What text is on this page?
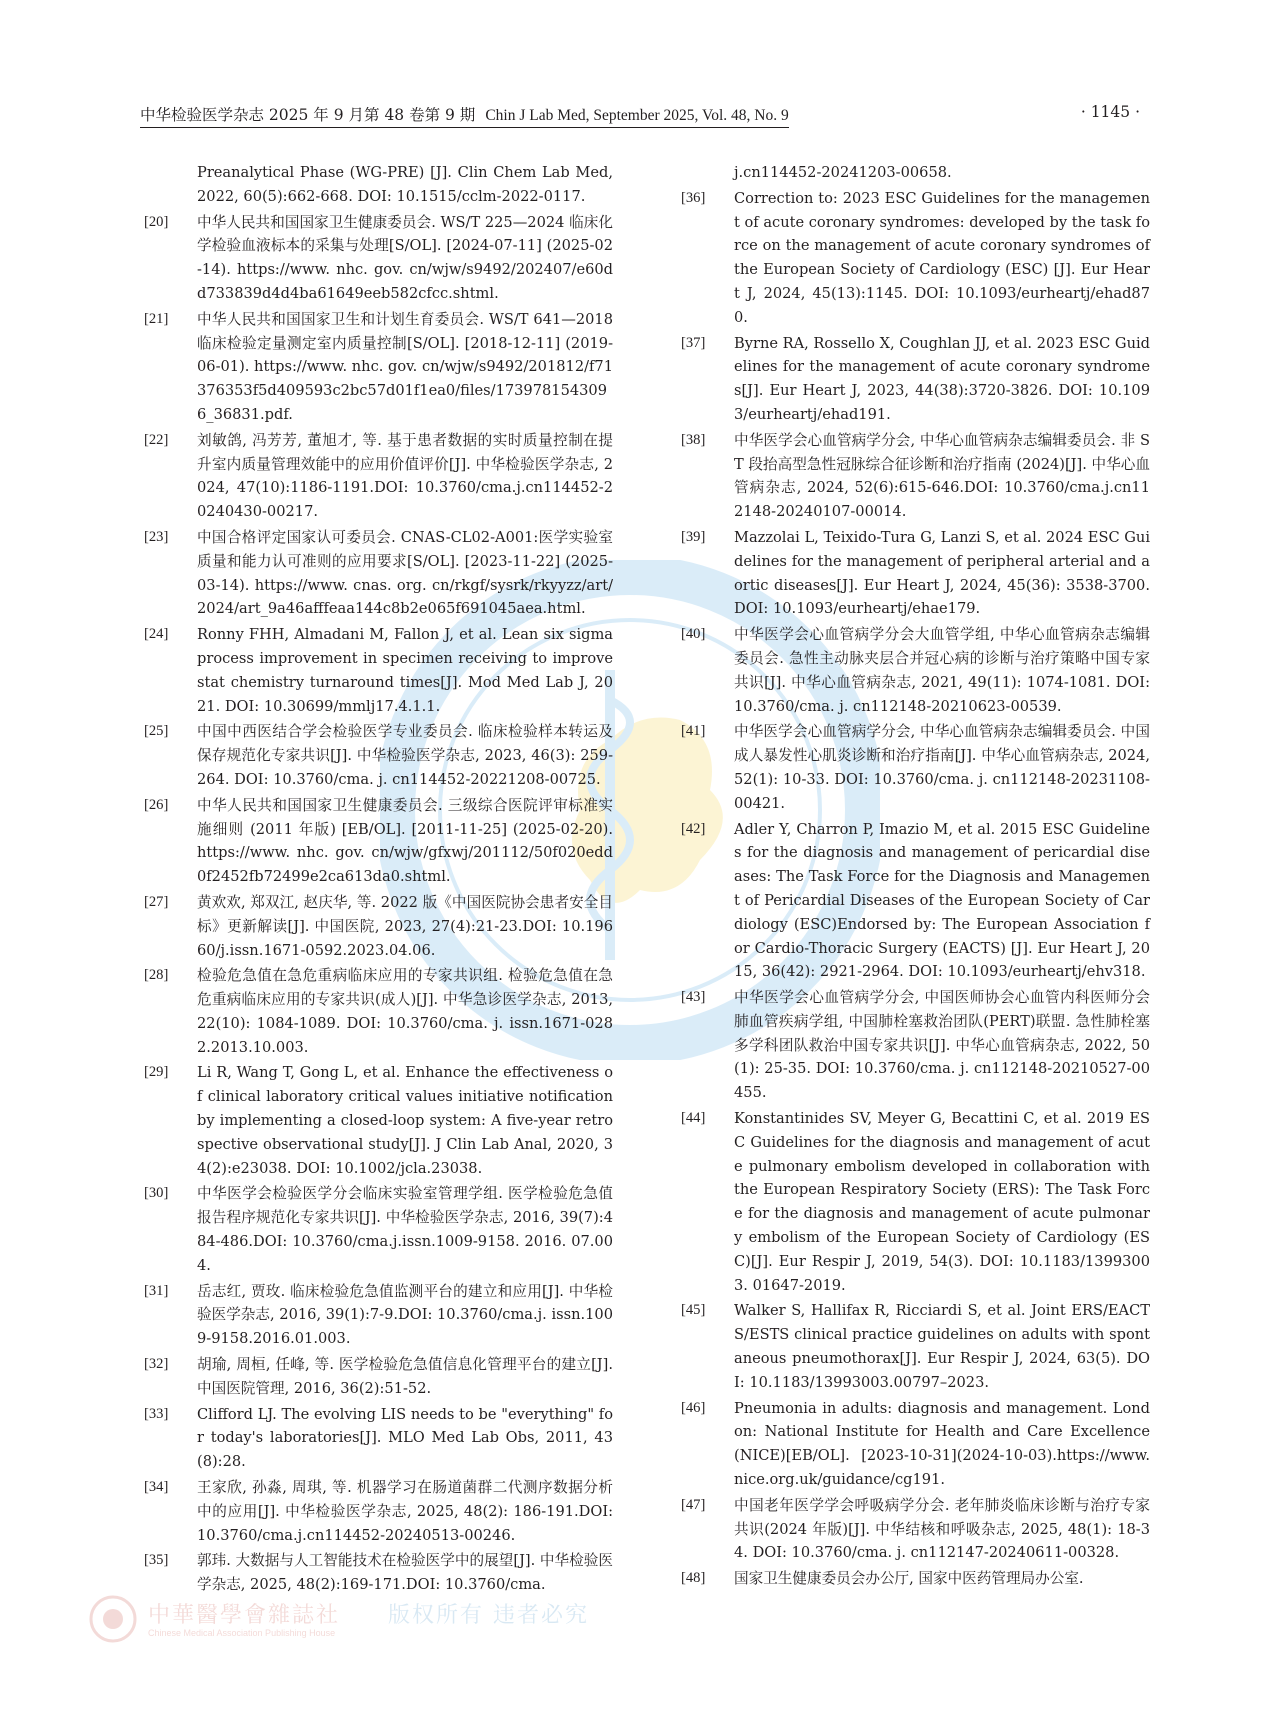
中华检验医学杂志 2025 年 9 月第 48 卷第 9 期 Chin J Lab Med, September 2025, Vol. 48, No. 9	· 1145 ·
Preanalytical Phase (WG-PRE) [J]. Clin Chem Lab Med, 2022, 60(5):662-668. DOI: 10.1515/cclm-2022-0117.
[20] 中华人民共和国国家卫生健康委员会. WS/T 225—2024 临床化学检验血液标本的采集与处理[S/OL]. [2024-07-11] (2025-02-14). https://www. nhc. gov. cn/wjw/s9492/202407/e60dd733839d4d4ba61649eeb582cfcc.shtml.
[21] 中华人民共和国国家卫生和计划生育委员会. WS/T 641—2018 临床检验定量测定室内质量控制[S/OL]. [2018-12-11] (2019-06-01). https://www. nhc. gov. cn/wjw/s9492/201812/f71376353f5d409593c2bc57d01f1ea0/files/1739781543096_36831.pdf.
[22] 刘敏鸽, 冯芳芳, 董旭才, 等. 基于患者数据的实时质量控制在提升室内质量管理效能中的应用价值评价[J]. 中华检验医学杂志, 2024, 47(10):1186-1191.DOI: 10.3760/cma.j.cn114452-20240430-00217.
[23] 中国合格评定国家认可委员会. CNAS-CL02-A001:医学实验室质量和能力认可准则的应用要求[S/OL]. [2023-11-22] (2025-03-14). https://www. cnas. org. cn/rkgf/sysrk/rkyyzz/art/2024/art_9a46afffeaa144c8b2e065f691045aea.html.
[24] Ronny FHH, Almadani M, Fallon J, et al. Lean six sigma process improvement in specimen receiving to improve stat chemistry turnaround times[J]. Mod Med Lab J, 2021. DOI: 10.30699/mmlj17.4.1.1.
[25] 中国中西医结合学会检验医学专业委员会. 临床检验样本转运及保存规范化专家共识[J]. 中华检验医学杂志, 2023, 46(3): 259-264. DOI: 10.3760/cma. j. cn114452-20221208-00725.
[26] 中华人民共和国国家卫生健康委员会. 三级综合医院评审标准实施细则 (2011 年版) [EB/OL]. [2011-11-25] (2025-02-20). https://www. nhc. gov. cn/wjw/gfxwj/201112/50f020edd0f2452fb72499e2ca613da0.shtml.
[27] 黄欢欢, 郑双江, 赵庆华, 等. 2022 版《中国医院协会患者安全目标》更新解读[J]. 中国医院, 2023, 27(4):21-23.DOI: 10.19660/j.issn.1671-0592.2023.04.06.
[28] 检验危急值在急危重病临床应用的专家共识组. 检验危急值在急危重病临床应用的专家共识(成人)[J]. 中华急诊医学杂志, 2013, 22(10): 1084-1089. DOI: 10.3760/cma. j. issn.1671-0282.2013.10.003.
[29] Li R, Wang T, Gong L, et al. Enhance the effectiveness of clinical laboratory critical values initiative notification by implementing a closed-loop system: A five-year retrospective observational study[J]. J Clin Lab Anal, 2020, 34(2):e23038. DOI: 10.1002/jcla.23038.
[30] 中华医学会检验医学分会临床实验室管理学组. 医学检验危急值报告程序规范化专家共识[J]. 中华检验医学杂志, 2016, 39(7):484-486.DOI: 10.3760/cma.j.issn.1009-9158. 2016. 07.004.
[31] 岳志红, 贾玫. 临床检验危急值监测平台的建立和应用[J]. 中华检验医学杂志, 2016, 39(1):7-9.DOI: 10.3760/cma.j. issn.1009-9158.2016.01.003.
[32] 胡瑜, 周桓, 任峰, 等. 医学检验危急值信息化管理平台的建立[J]. 中国医院管理, 2016, 36(2):51-52.
[33] Clifford LJ. The evolving LIS needs to be "everything" for today's laboratories[J]. MLO Med Lab Obs, 2011, 43(8):28.
[34] 王家欣, 孙淼, 周琪, 等. 机器学习在肠道菌群二代测序数据分析中的应用[J]. 中华检验医学杂志, 2025, 48(2): 186-191.DOI: 10.3760/cma.j.cn114452-20240513-00246.
[35] 郭玮. 大数据与人工智能技术在检验医学中的展望[J]. 中华检验医学杂志, 2025, 48(2):169-171.DOI: 10.3760/cma.
j.cn114452-20241203-00658.
[36] Correction to: 2023 ESC Guidelines for the management of acute coronary syndromes: developed by the task force on the management of acute coronary syndromes of the European Society of Cardiology (ESC) [J]. Eur Heart J, 2024, 45(13):1145. DOI: 10.1093/eurheartj/ehad870.
[37] Byrne RA, Rossello X, Coughlan JJ, et al. 2023 ESC Guidelines for the management of acute coronary syndromes[J]. Eur Heart J, 2023, 44(38):3720-3826. DOI: 10.1093/eurheartj/ehad191.
[38] 中华医学会心血管病学分会, 中华心血管病杂志编辑委员会. 非 ST 段抬高型急性冠脉综合征诊断和治疗指南 (2024)[J]. 中华心血管病杂志, 2024, 52(6):615-646.DOI: 10.3760/cma.j.cn112148-20240107-00014.
[39] Mazzolai L, Teixido-Tura G, Lanzi S, et al. 2024 ESC Guidelines for the management of peripheral arterial and aortic diseases[J]. Eur Heart J, 2024, 45(36): 3538-3700. DOI: 10.1093/eurheartj/ehae179.
[40] 中华医学会心血管病学分会大血管学组, 中华心血管病杂志编辑委员会. 急性主动脉夹层合并冠心病的诊断与治疗策略中国专家共识[J]. 中华心血管病杂志, 2021, 49(11): 1074-1081. DOI: 10.3760/cma. j. cn112148-20210623-00539.
[41] 中华医学会心血管病学分会, 中华心血管病杂志编辑委员会. 中国成人暴发性心肌炎诊断和治疗指南[J]. 中华心血管病杂志, 2024, 52(1): 10-33. DOI: 10.3760/cma. j. cn112148-20231108-00421.
[42] Adler Y, Charron P, Imazio M, et al. 2015 ESC Guidelines for the diagnosis and management of pericardial diseases: The Task Force for the Diagnosis and Management of Pericardial Diseases of the European Society of Cardiology (ESC)Endorsed by: The European Association for Cardio-Thoracic Surgery (EACTS) [J]. Eur Heart J, 2015, 36(42): 2921-2964. DOI: 10.1093/eurheartj/ehv318.
[43] 中华医学会心血管病学分会, 中国医师协会心血管内科医师分会肺血管疾病学组, 中国肺栓塞救治团队(PERT)联盟. 急性肺栓塞多学科团队救治中国专家共识[J]. 中华心血管病杂志, 2022, 50(1): 25-35. DOI: 10.3760/cma. j. cn112148-20210527-00455.
[44] Konstantinides SV, Meyer G, Becattini C, et al. 2019 ESC Guidelines for the diagnosis and management of acute pulmonary embolism developed in collaboration with the European Respiratory Society (ERS): The Task Force for the diagnosis and management of acute pulmonary embolism of the European Society of Cardiology (ESC)[J]. Eur Respir J, 2019, 54(3). DOI: 10.1183/13993003. 01647-2019.
[45] Walker S, Hallifax R, Ricciardi S, et al. Joint ERS/EACTS/ESTS clinical practice guidelines on adults with spontaneous pneumothorax[J]. Eur Respir J, 2024, 63(5). DOI: 10.1183/13993003.00797–2023.
[46] Pneumonia in adults: diagnosis and management. London: National Institute for Health and Care Excellence (NICE)[EB/OL]. [2023-10-31](2024-10-03).https://www. nice.org.uk/guidance/cg191.
[47] 中国老年医学学会呼吸病学分会. 老年肺炎临床诊断与治疗专家共识(2024 年版)[J]. 中华结核和呼吸杂志, 2025, 48(1): 18-34. DOI: 10.3760/cma. j. cn112147-20240611-00328.
[48] 国家卫生健康委员会办公厅, 国家中医药管理局办公室.
中華醫學會雜誌社
Chinese Medical Association Publishing House
版权所有 违者必究
